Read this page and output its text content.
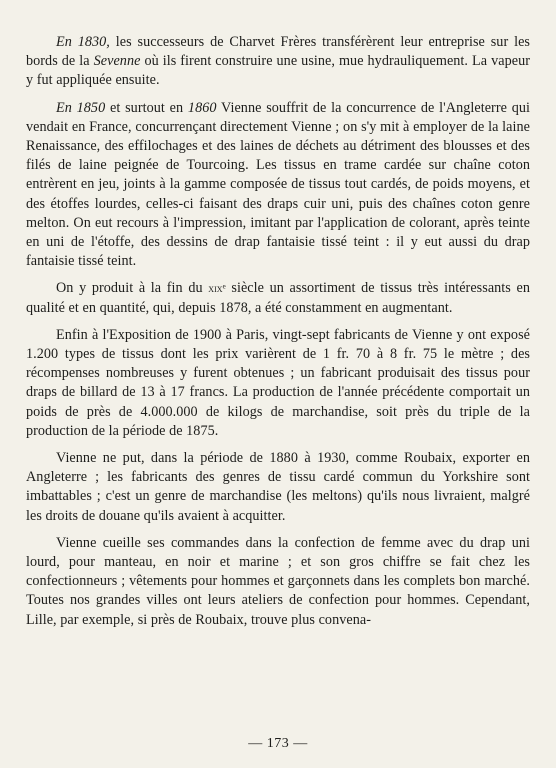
En 1830, les successeurs de Charvet Frères transférèrent leur entreprise sur les bords de la Sevenne où ils firent construire une usine, mue hydrauliquement. La vapeur y fut appliquée ensuite.

En 1850 et surtout en 1860 Vienne souffrit de la concurrence de l'Angleterre qui vendait en France, concurrençant directement Vienne ; on s'y mit à employer de la laine Renaissance, des effilochages et des laines de déchets au détriment des blousses et des filés de laine peignée de Tourcoing. Les tissus en trame cardée sur chaîne coton entrèrent en jeu, joints à la gamme composée de tissus tout cardés, de poids moyens, et des étoffes lourdes, celles-ci faisant des draps cuir uni, puis des chaînes coton genre melton. On eut recours à l'impression, imitant par l'application de colorant, après teinte en uni de l'étoffe, des dessins de drap fantaisie tissé teint : il y eut aussi du drap fantaisie tissé teint.

On y produit à la fin du xixᵉ siècle un assortiment de tissus très intéressants en qualité et en quantité, qui, depuis 1878, a été constamment en augmentant.

Enfin à l'Exposition de 1900 à Paris, vingt-sept fabricants de Vienne y ont exposé 1.200 types de tissus dont les prix varièrent de 1 fr. 70 à 8 fr. 75 le mètre ; des récompenses nombreuses y furent obtenues ; un fabricant produisait des tissus pour draps de billard de 13 à 17 francs. La production de l'année précédente comportait un poids de près de 4.000.000 de kilogs de marchandise, soit près du triple de la production de la période de 1875.

Vienne ne put, dans la période de 1880 à 1930, comme Roubaix, exporter en Angleterre ; les fabricants des genres de tissu cardé commun du Yorkshire sont imbattables ; c'est un genre de marchandise (les meltons) qu'ils nous livraient, malgré les droits de douane qu'ils avaient à acquitter.

Vienne cueille ses commandes dans la confection de femme avec du drap uni lourd, pour manteau, en noir et marine ; et son gros chiffre se fait chez les confectionneurs ; vêtements pour hommes et garçonnets dans les complets bon marché. Toutes nos grandes villes ont leurs ateliers de confection pour hommes. Cependant, Lille, par exemple, si près de Roubaix, trouve plus convena-

— 173 —
